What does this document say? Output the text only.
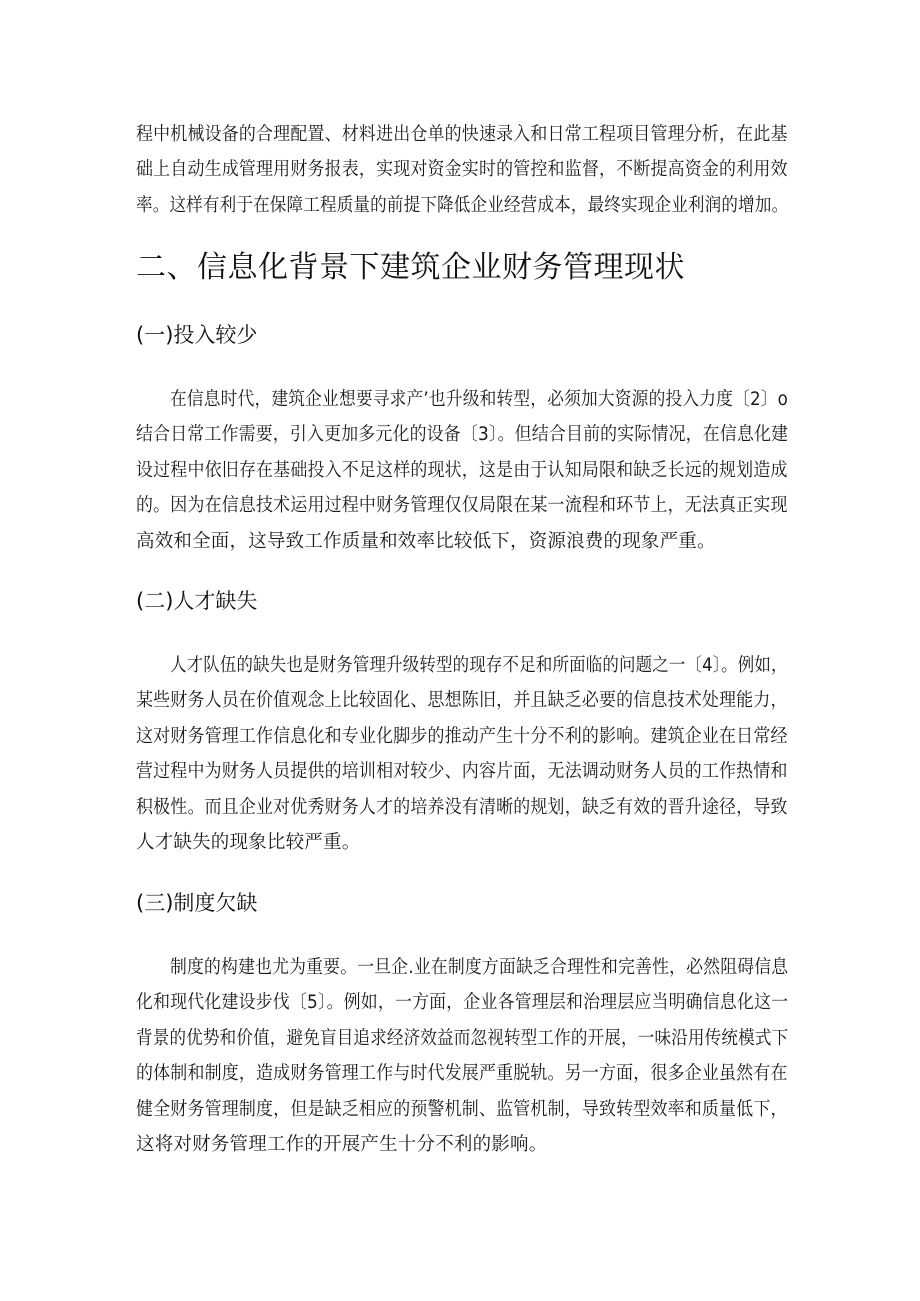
程中机械设备的合理配置、材料进出仓单的快速录入和日常工程项目管理分析，在此基
础上自动生成管理用财务报表，实现对资金实时的管控和监督，不断提高资金的利用效
率。这样有利于在保障工程质量的前提下降低企业经营成本，最终实现企业利润的增加。
二、信息化背景下建筑企业财务管理现状
(一)投入较少
在信息时代，建筑企业想要寻求产’也升级和转型，必须加大资源的投入力度〔2〕o
结合日常工作需要，引入更加多元化的设备〔3〕。但结合目前的实际情况，在信息化建
设过程中依旧存在基础投入不足这样的现状，这是由于认知局限和缺乏长远的规划造成
的。因为在信息技术运用过程中财务管理仅仅局限在某一流程和环节上，无法真正实现
高效和全面，这导致工作质量和效率比较低下，资源浪费的现象严重。
(二)人才缺失
人才队伍的缺失也是财务管理升级转型的现存不足和所面临的问题之一〔4〕。例如，
某些财务人员在价值观念上比较固化、思想陈旧，并且缺乏必要的信息技术处理能力，
这对财务管理工作信息化和专业化脚步的推动产生十分不利的影响。建筑企业在日常经
营过程中为财务人员提供的培训相对较少、内容片面，无法调动财务人员的工作热情和
积极性。而且企业对优秀财务人才的培养没有清晰的规划，缺乏有效的晋升途径，导致
人才缺失的现象比较严重。
(三)制度欠缺
制度的构建也尤为重要。一旦企.业在制度方面缺乏合理性和完善性，必然阻碍信息
化和现代化建设步伐〔5〕。例如，一方面，企业各管理层和治理层应当明确信息化这一
背景的优势和价值，避免盲目追求经济效益而忽视转型工作的开展，一味沿用传统模式下
的体制和制度，造成财务管理工作与时代发展严重脱轨。另一方面，很多企业虽然有在
健全财务管理制度，但是缺乏相应的预警机制、监管机制，导致转型效率和质量低下，
这将对财务管理工作的开展产生十分不利的影响。
